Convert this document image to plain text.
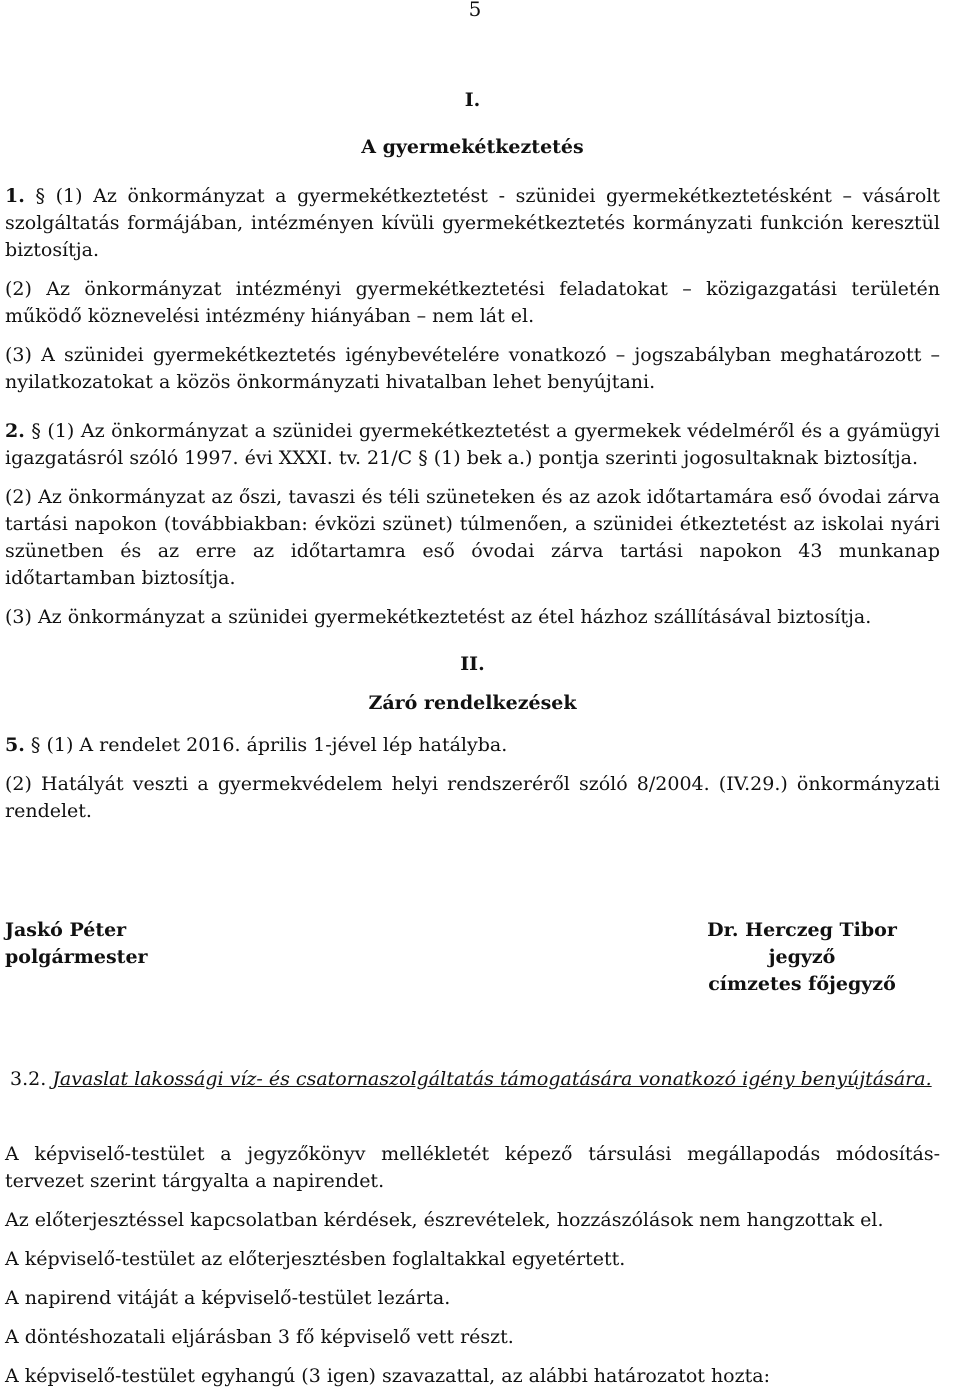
5
I.
A gyermekétkeztetés

1. § (1) Az önkormányzat a gyermekétkeztetést - szünidei gyermekétkeztetésként – vásárolt szolgáltatás formájában, intézményen kívüli gyermekétkeztetés kormányzati funkción keresztül biztosítja.

(2) Az önkormányzat intézményi gyermekétkeztetési feladatokat – közigazgatási területén működő köznevelési intézmény hiányában – nem lát el.

(3) A szünidei gyermekétkeztetés igénybevételére vonatkozó – jogszabályban meghatározott – nyilatkozatokat a közös önkormányzati hivatalban lehet benyújtani.

2. § (1) Az önkormányzat a szünidei gyermekétkeztetést a gyermekek védelméről és a gyámügyi igazgatásról szóló 1997. évi XXXI. tv. 21/C § (1) bek a.) pontja szerinti jogosultaknak biztosítja.

(2) Az önkormányzat az őszi, tavaszi és téli szüneteken és az azok időtartamára eső óvodai zárva tartási napokon (továbbiakban: évközi szünet) túlmenően, a szünidei étkeztetést az iskolai nyári szünetben és az erre az időtartamra eső óvodai zárva tartási napokon 43 munkanap időtartamban biztosítja.

(3) Az önkormányzat a szünidei gyermekétkeztetést az étel házhoz szállításával biztosítja.

II.
Záró rendelkezések

5. § (1) A rendelet 2016. április 1-jével lép hatályba.

(2) Hatályát veszti a gyermekvédelem helyi rendszeréről szóló 8/2004. (IV.29.) önkormányzati rendelet.

Jaskó Péter
polgármester
Dr. Herczeg Tibor
jegyző
címzetes főjegyző
3.2. Javaslat lakossági víz- és csatornaszolgáltatás támogatására vonatkozó igény benyújtására.

A képviselő-testület a jegyzőkönyv mellékletét képező társulási megállapodás módosítás-tervezet szerint tárgyalta a napirendet.

Az előterjesztéssel kapcsolatban kérdések, észrevételek, hozzászólások nem hangzottak el.

A képviselő-testület az előterjesztésben foglaltakkal egyetértett.

A napirend vitáját a képviselő-testület lezárta.

A döntéshozatali eljárásban 3 fő képviselő vett részt.

A képviselő-testület egyhangú (3 igen) szavazattal, az alábbi határozatot hozta:
